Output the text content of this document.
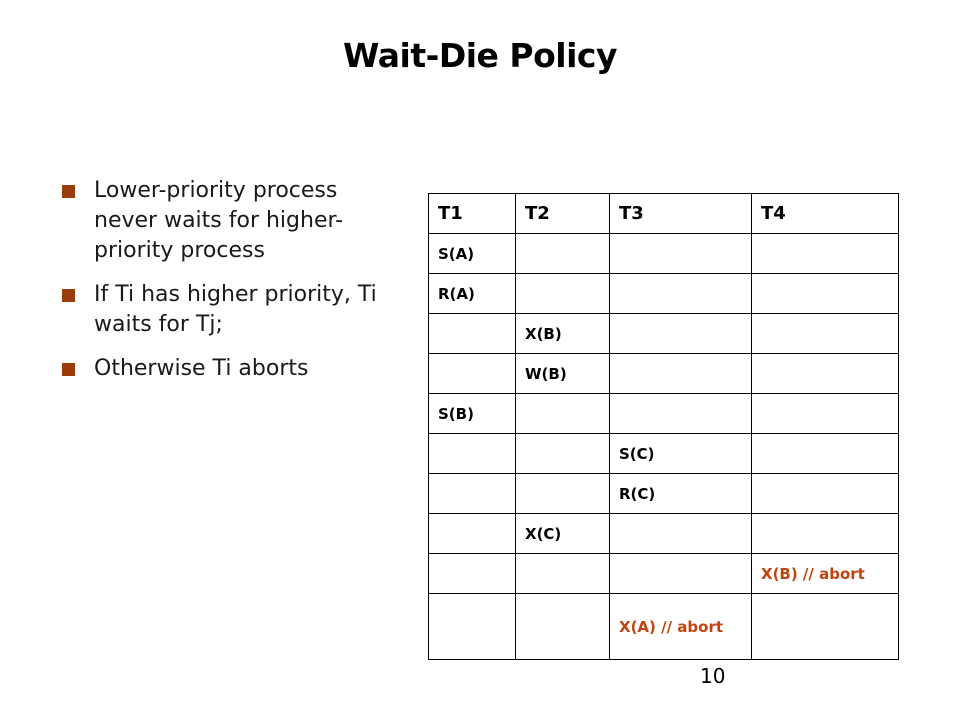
Wait-Die Policy
Lower-priority process never waits for higher-priority process
If Ti has higher priority, Ti waits for Tj;
Otherwise Ti aborts
T1	T2	T3	T4
S(A)			
R(A)			
	X(B)		
	W(B)		
S(B)			
		S(C)	
		R(C)	
	X(C)		
			X(B) // abort
		X(A) // abort	
10
